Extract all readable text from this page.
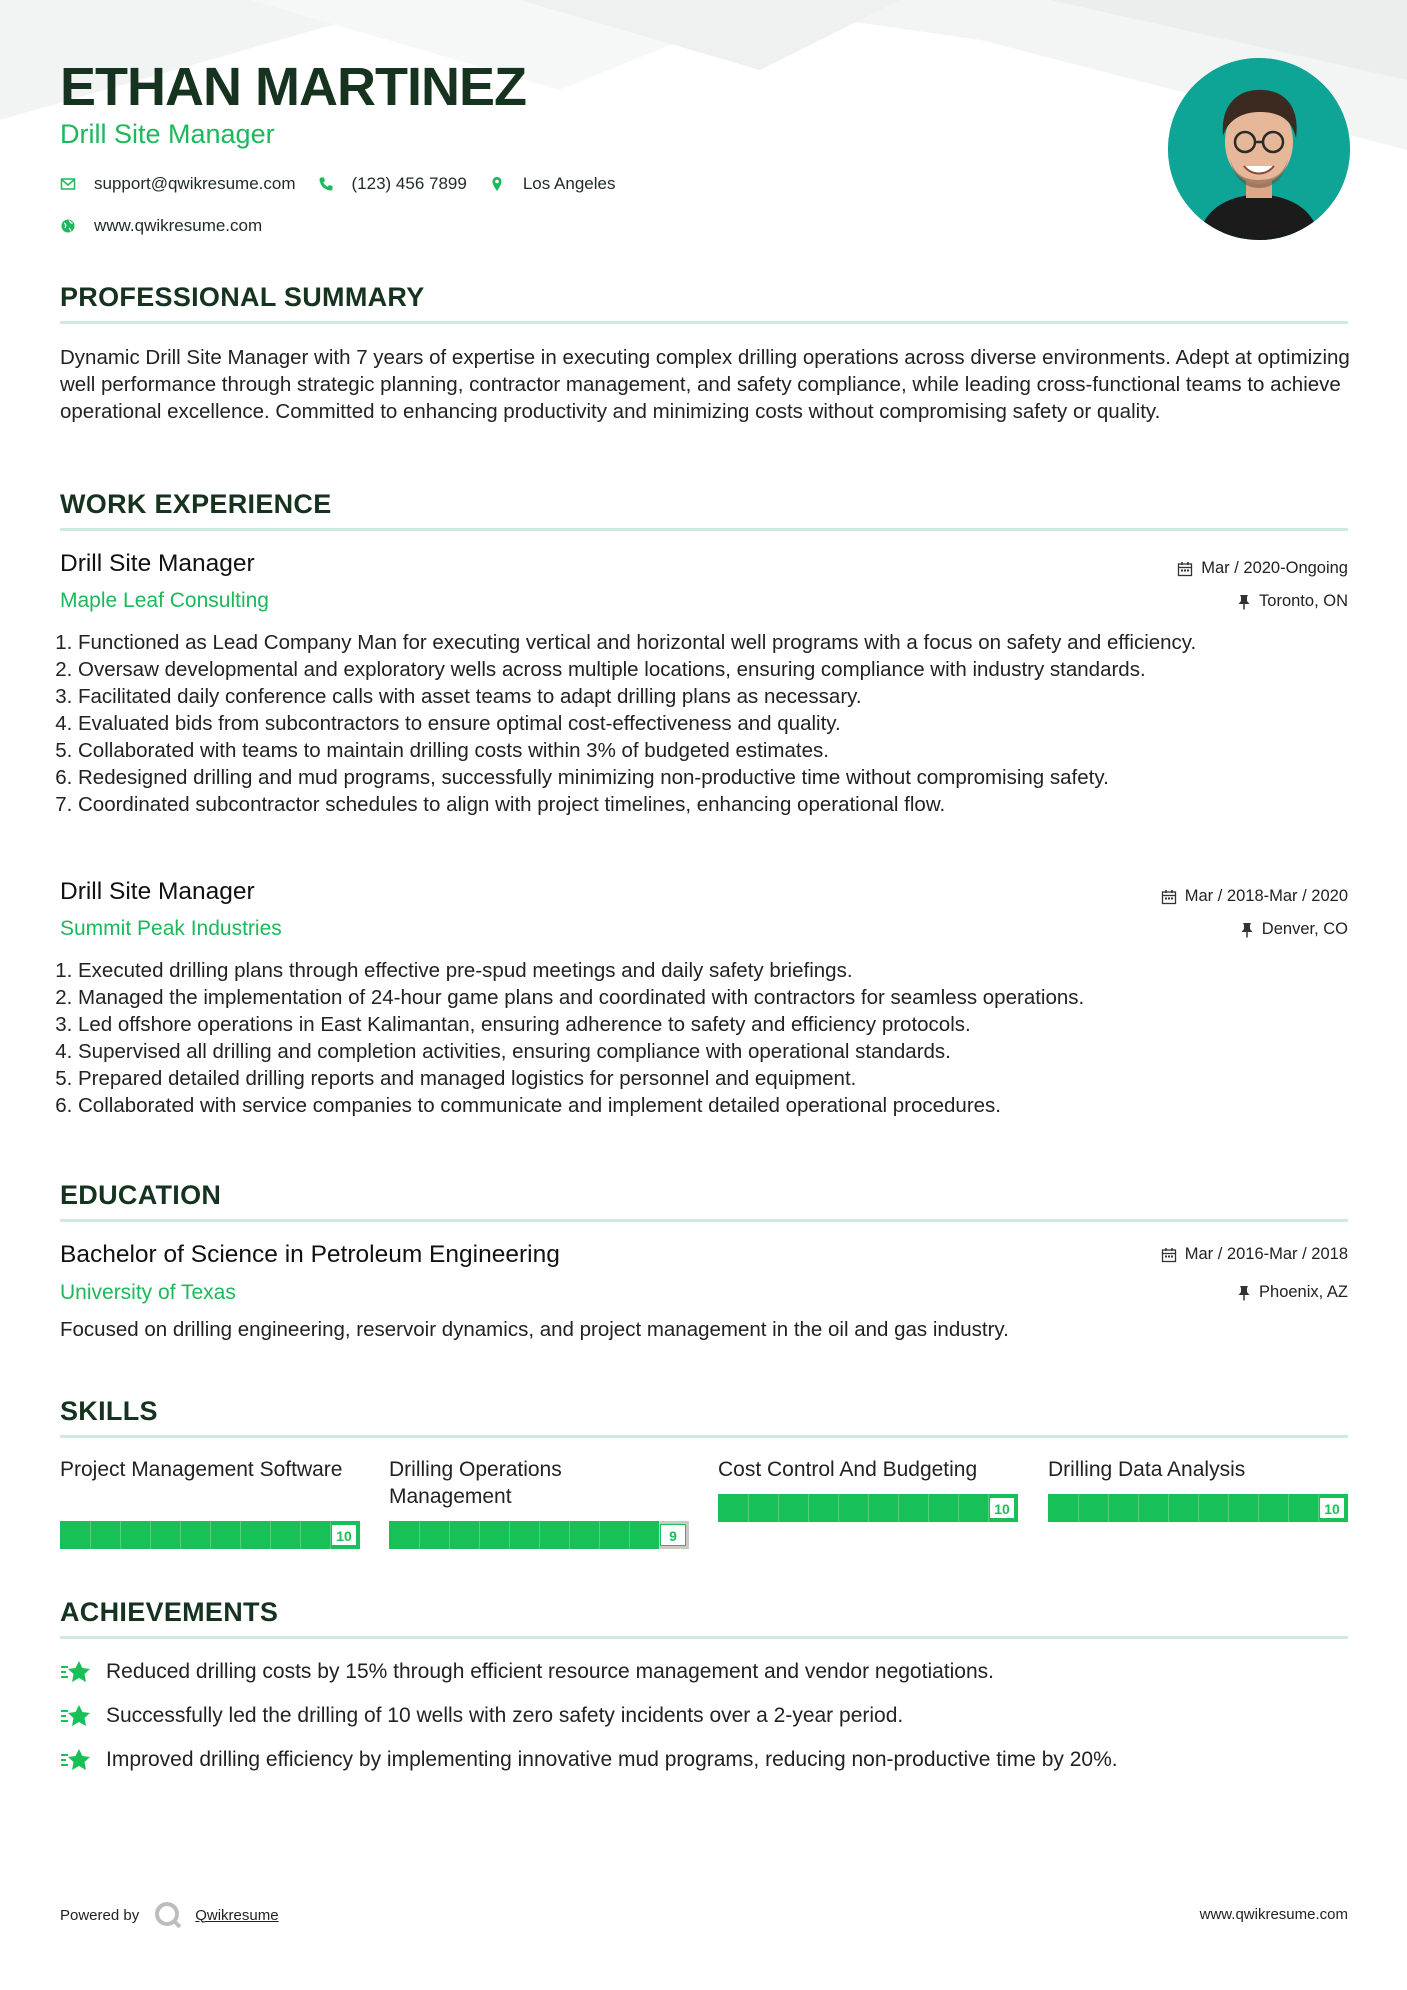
ETHAN MARTINEZ
Drill Site Manager
support@qwikresume.com	(123) 456 7899	Los Angeles
www.qwikresume.com
PROFESSIONAL SUMMARY
Dynamic Drill Site Manager with 7 years of expertise in executing complex drilling operations across diverse environments. Adept at optimizing well performance through strategic planning, contractor management, and safety compliance, while leading cross-functional teams to achieve operational excellence. Committed to enhancing productivity and minimizing costs without compromising safety or quality.
WORK EXPERIENCE
Drill Site Manager	Mar / 2020-Ongoing
Maple Leaf Consulting	Toronto, ON
1. Functioned as Lead Company Man for executing vertical and horizontal well programs with a focus on safety and efficiency.
2. Oversaw developmental and exploratory wells across multiple locations, ensuring compliance with industry standards.
3. Facilitated daily conference calls with asset teams to adapt drilling plans as necessary.
4. Evaluated bids from subcontractors to ensure optimal cost-effectiveness and quality.
5. Collaborated with teams to maintain drilling costs within 3% of budgeted estimates.
6. Redesigned drilling and mud programs, successfully minimizing non-productive time without compromising safety.
7. Coordinated subcontractor schedules to align with project timelines, enhancing operational flow.
Drill Site Manager	Mar / 2018-Mar / 2020
Summit Peak Industries	Denver, CO
1. Executed drilling plans through effective pre-spud meetings and daily safety briefings.
2. Managed the implementation of 24-hour game plans and coordinated with contractors for seamless operations.
3. Led offshore operations in East Kalimantan, ensuring adherence to safety and efficiency protocols.
4. Supervised all drilling and completion activities, ensuring compliance with operational standards.
5. Prepared detailed drilling reports and managed logistics for personnel and equipment.
6. Collaborated with service companies to communicate and implement detailed operational procedures.
EDUCATION
Bachelor of Science in Petroleum Engineering	Mar / 2016-Mar / 2018
University of Texas	Phoenix, AZ
Focused on drilling engineering, reservoir dynamics, and project management in the oil and gas industry.
SKILLS
Project Management Software
10
Drilling Operations Management
9
Cost Control And Budgeting
10
Drilling Data Analysis
10
ACHIEVEMENTS
Reduced drilling costs by 15% through efficient resource management and vendor negotiations.
Successfully led the drilling of 10 wells with zero safety incidents over a 2-year period.
Improved drilling efficiency by implementing innovative mud programs, reducing non-productive time by 20%.
Powered by	Qwikresume	www.qwikresume.com
